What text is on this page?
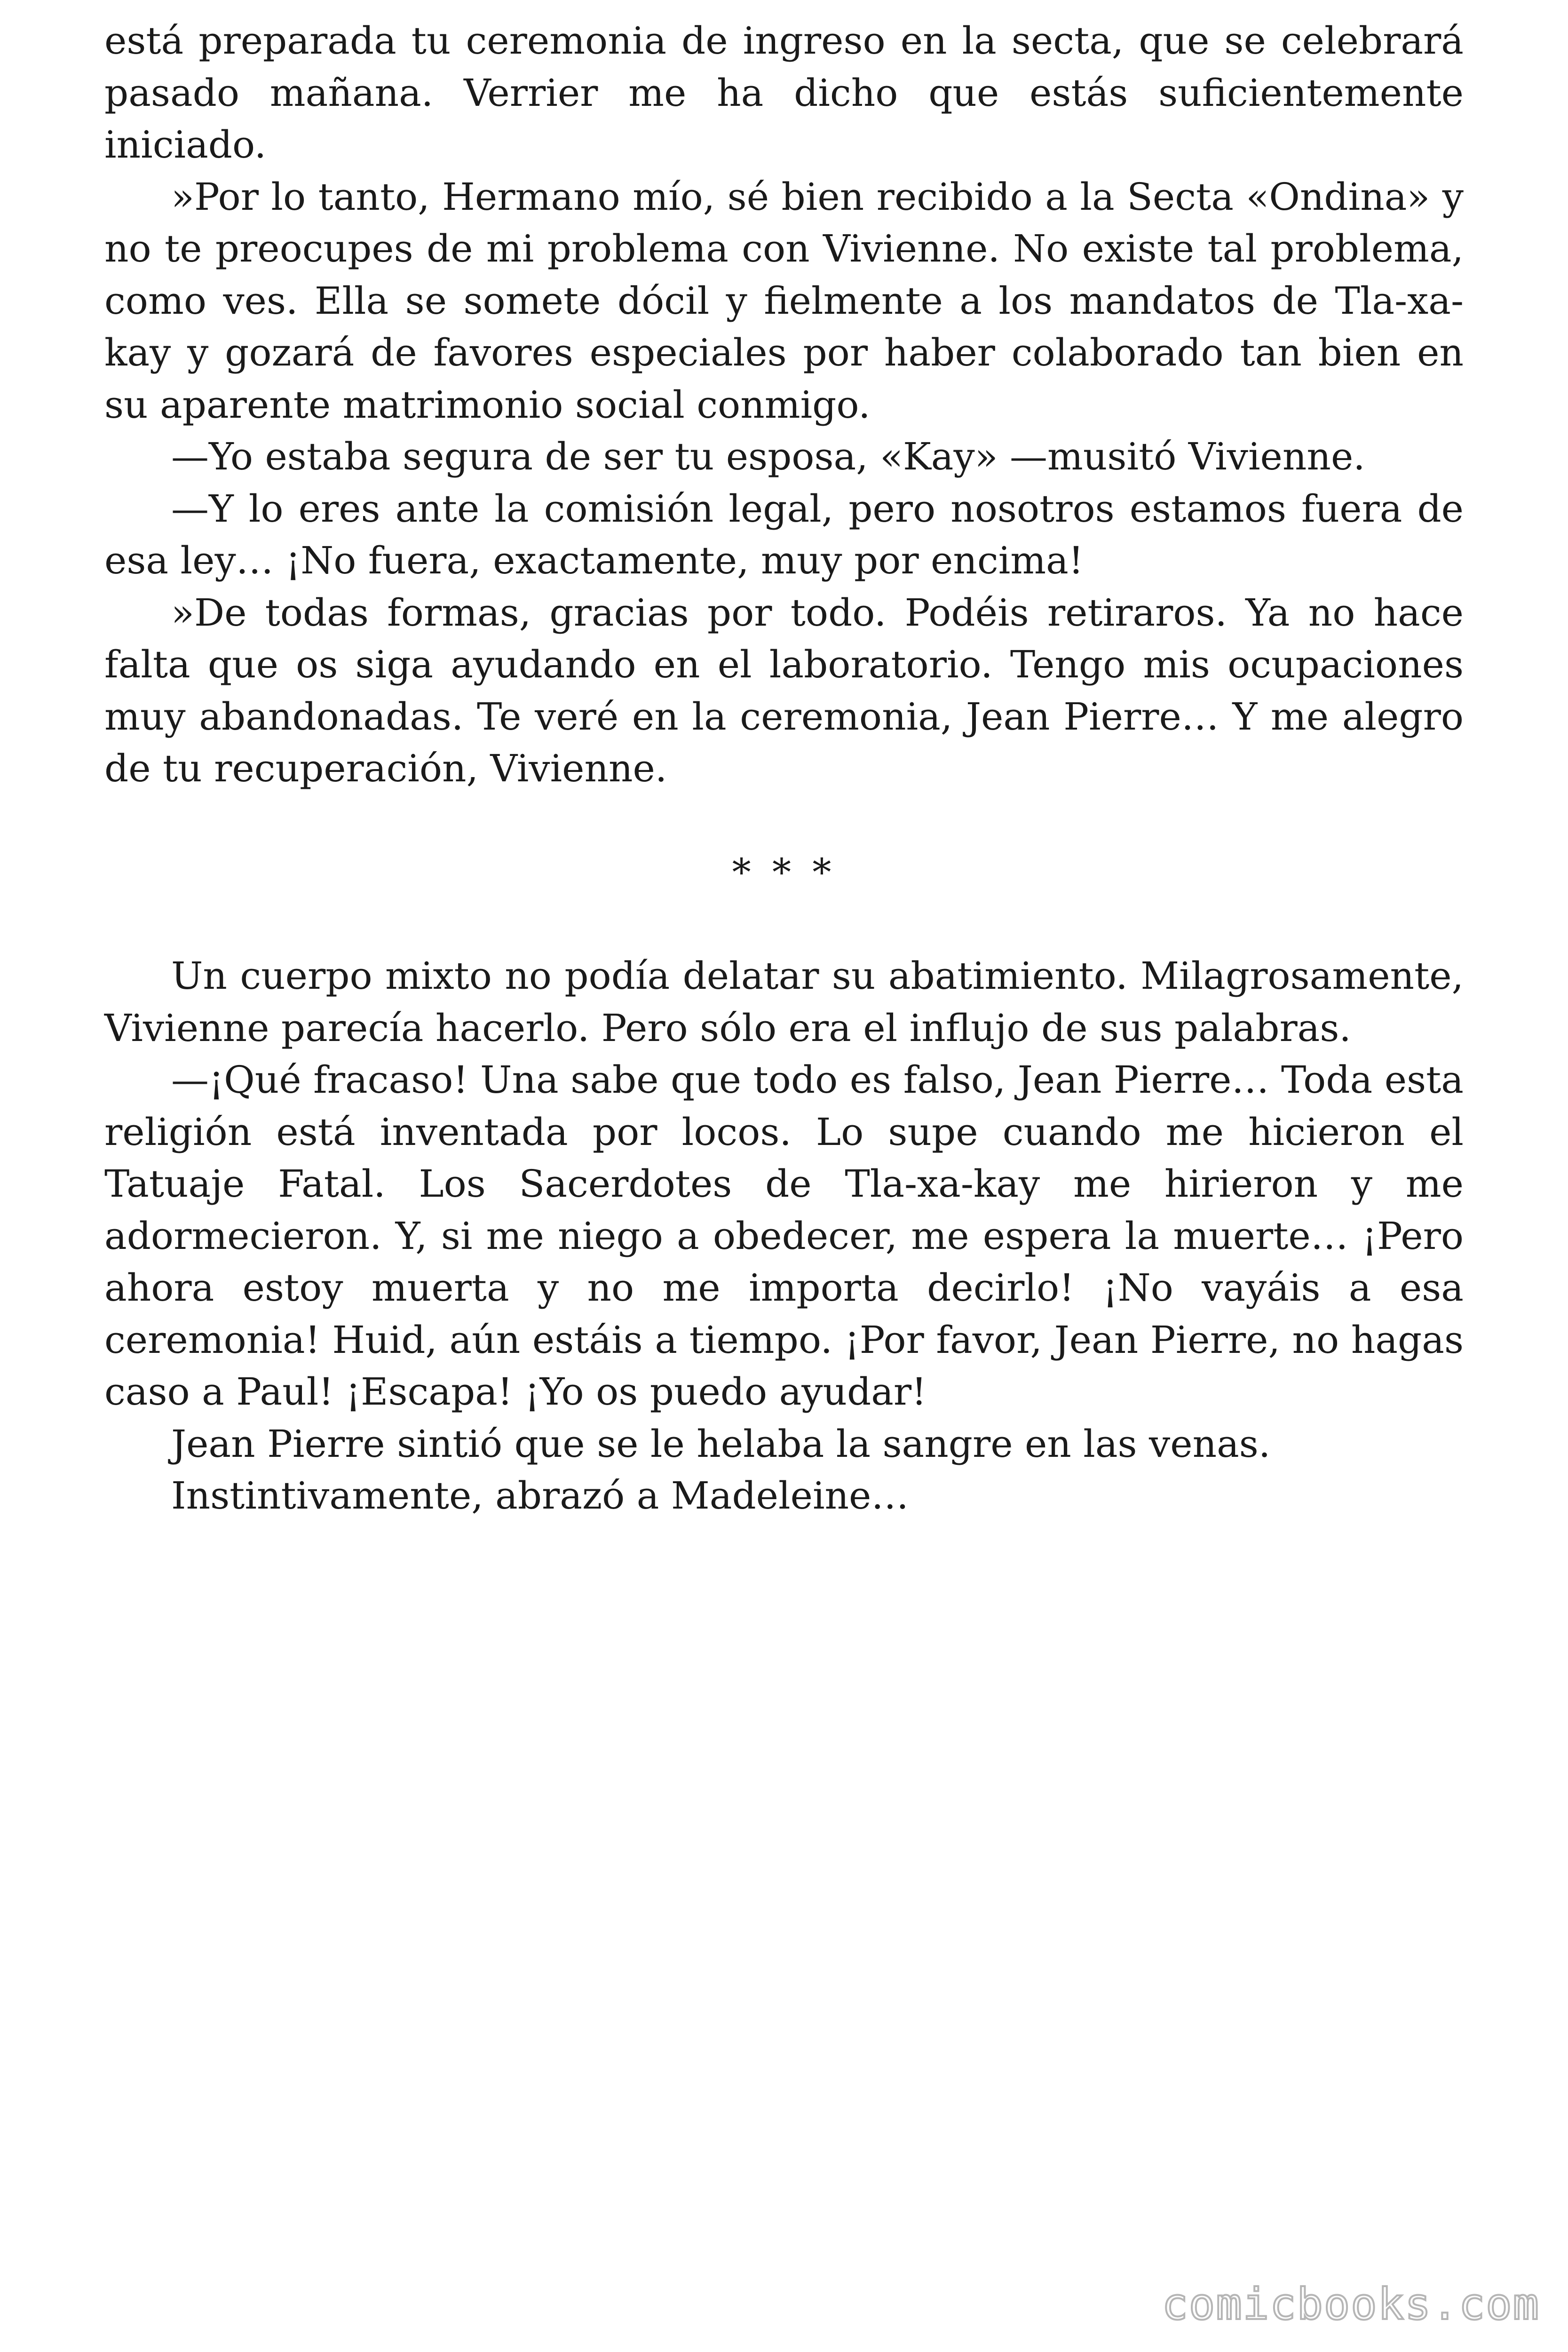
está preparada tu ceremonia de ingreso en la secta, que se celebrará pasado mañana. Verrier me ha dicho que estás suficientemente iniciado.

»Por lo tanto, Hermano mío, sé bien recibido a la Secta «Ondina» y no te preocupes de mi problema con Vivienne. No existe tal problema, como ves. Ella se somete dócil y fielmente a los mandatos de Tla-xa-kay y gozará de favores especiales por haber colaborado tan bien en su aparente matrimonio social conmigo.

—Yo estaba segura de ser tu esposa, «Kay» —musitó Vivienne.

—Y lo eres ante la comisión legal, pero nosotros estamos fuera de esa ley… ¡No fuera, exactamente, muy por encima!

»De todas formas, gracias por todo. Podéis retiraros. Ya no hace falta que os siga ayudando en el laboratorio. Tengo mis ocupaciones muy abandonadas. Te veré en la ceremonia, Jean Pierre… Y me alegro de tu recuperación, Vivienne.

* * *

Un cuerpo mixto no podía delatar su abatimiento. Milagrosamente, Vivienne parecía hacerlo. Pero sólo era el influjo de sus palabras.

—¡Qué fracaso! Una sabe que todo es falso, Jean Pierre… Toda esta religión está inventada por locos. Lo supe cuando me hicieron el Tatuaje Fatal. Los Sacerdotes de Tla-xa-kay me hirieron y me adormecieron. Y, si me niego a obedecer, me espera la muerte… ¡Pero ahora estoy muerta y no me importa decirlo! ¡No vayáis a esa ceremonia! Huid, aún estáis a tiempo. ¡Por favor, Jean Pierre, no hagas caso a Paul! ¡Escapa! ¡Yo os puedo ayudar!

Jean Pierre sintió que se le helaba la sangre en las venas.

Instintivamente, abrazó a Madeleine…

comicbooks.com
